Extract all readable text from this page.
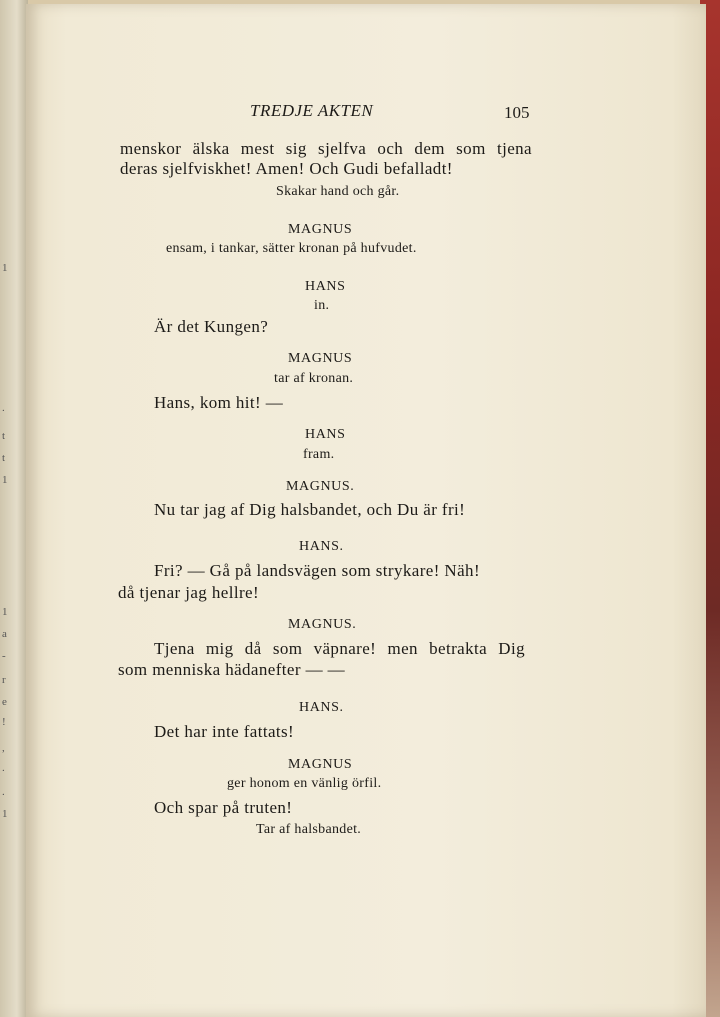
1
.
t
t
1
1
a
-
r
e
!
,
.
.
1
TREDJE AKTEN	105
menskor älska mest sig sjelfva och dem som tjena
deras sjelfviskhet! Amen! Och Gudi befalladt!
Skakar hand och går.
MAGNUS
ensam, i tankar, sätter kronan på hufvudet.
HANS
in.
Är det Kungen?
MAGNUS
tar af kronan.
Hans, kom hit! —
HANS
fram.
MAGNUS.
Nu tar jag af Dig halsbandet, och Du är fri!
HANS.
Fri? — Gå på landsvägen som strykare! Näh!
då tjenar jag hellre!
MAGNUS.
Tjena mig då som väpnare! men betrakta Dig
som menniska hädanefter — —
HANS.
Det har inte fattats!
MAGNUS
ger honom en vänlig örfil.
Och spar på truten!
Tar af halsbandet.
